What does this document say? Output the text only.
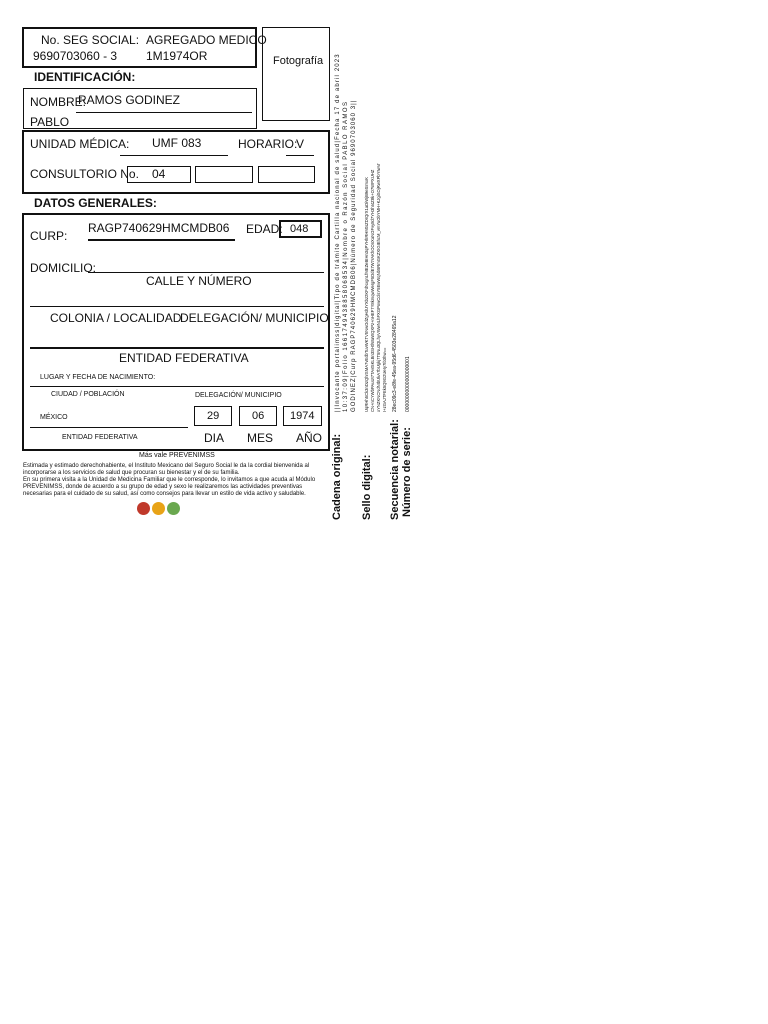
No. SEG SOCIAL:
9690703060 - 3
AGREGADO MEDICO
1M1974OR	Fotografía
IDENTIFICACIÓN:
NOMBRE:
RAMOS GODINEZ
PABLO
UNIDAD MÉDICA: UMF 083	HORARIO:
V
CONSULTORIO No. 04
DATOS GENERALES:
CURP:
RAGP740629HMCMDB06 EDAD: 048
DOMICILIO:
CALLE Y NÚMERO
COLONIA / LOCALIDAD
DELEGACIÓN/ MUNICIPIO
ENTIDAD FEDERATIVA
LUGAR Y FECHA DE NACIMIENTO:
CIUDAD / POBLACIÓN	DELEGACIÓN/ MUNICIPIO
MÉXICO
ENTIDAD FEDERATIVA
29	06 1974
DIA MES AÑO
Más vale PREVENIMSS

Estimada y estimado derechohabiente, el Instituto Mexicano del Seguro Social le da la cordial bienvenida al incorporarse a los servicios de salud que procuran su bienestar y el de su familia.

En su primera visita a la Unidad de Medicina Familiar que le corresponde, lo invitamos a que acuda al Módulo PREVENIMSS, donde de acuerdo a su grupo de edad y sexo le realizaremos las actividades preventivas necesarias para el cuidado de su salud, así como consejos para llevar un estilo de vida activo y saludable.	Cadena original:
||Invocante portalimss|digital|Tipo de trámite Cartilla nacional de salud|Fecha 17 de abril 2023 10:37:09|Folio 1661749438858068534|Nombre o Razón Social PABLO RAMOS GODINEZ|Curp RAGP740629HMCMDB06|Número de Seguridad Social 9690703060 3||
Sello digital:
UqRHh5Ck3nDzQhrSMA7vEdbTuvWKTV5NwOdZgHdUYXbz2KFdNxgnLfMEZeBIHn3qPYHhRHMtsZDrQrX1aDiWjB9eSImxK CN+nCYWbPAuUI7TAvt5KLBn3SHtlWaWQXPz+nHEF7Y8kmqwWeIgF5DdE7WtYAKhOOnXaNOFvy8d7YH3hI4Z8k+O7WPXUHZ xYNZKNCNdNIbUkA7bUgkj7T5Nu3QLhyVWwNLhFXGPowCclsY5EwWqNb5RmGKZXIGIEhcM_vmYuObYMH+KJgiSOjRwXPbYIwVr I+zGAJTFEk5Q9G2UeIy7Ib3hw==
Secuencia notarial:
28ec09c3-e8fe-45ea-95d6-4503e28465a12
Número de serie:
00000000000000000001
